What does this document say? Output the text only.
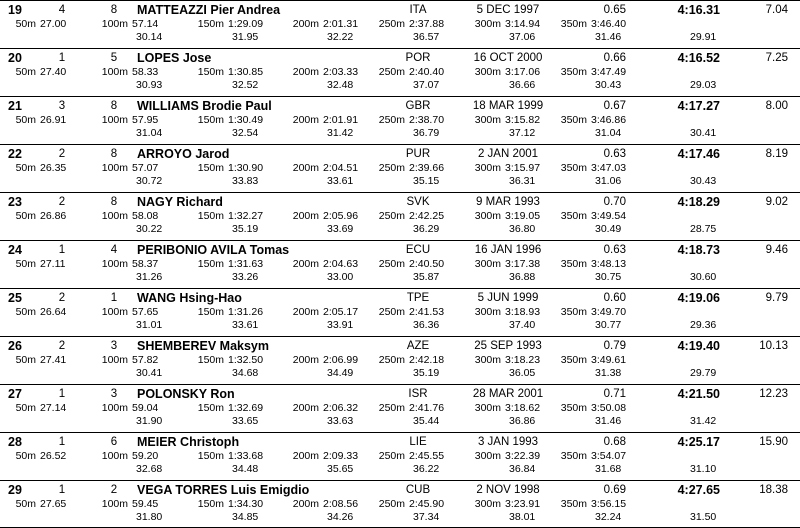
19	4	8 MATTEAZZI Pier Andrea	ITA	5 DEC 1997	0.65	4:16.31	7.04
50m 27.00	100m 57.14	150m 1:29.09	200m 2:01.31	250m 2:37.88	300m 3:14.94	350m 3:46.40
30.14	31.95	32.22	36.57	37.06	31.46	29.91
20	1	5 LOPES Jose	POR	16 OCT 2000	0.66	4:16.52	7.25
50m 27.40	100m 58.33	150m 1:30.85	200m 2:03.33	250m 2:40.40	300m 3:17.06	350m 3:47.49
30.93	32.52	32.48	37.07	36.66	30.43	29.03
21	3	8 WILLIAMS Brodie Paul	GBR	18 MAR 1999	0.67	4:17.27	8.00
50m 26.91	100m 57.95	150m 1:30.49	200m 2:01.91	250m 2:38.70	300m 3:15.82	350m 3:46.86
31.04	32.54	31.42	36.79	37.12	31.04	30.41
22	2	8 ARROYO Jarod	PUR	2 JAN 2001	0.63	4:17.46	8.19
50m 26.35	100m 57.07	150m 1:30.90	200m 2:04.51	250m 2:39.66	300m 3:15.97	350m 3:47.03
30.72	33.83	33.61	35.15	36.31	31.06	30.43
23	2	8 NAGY Richard	SVK	9 MAR 1993	0.70	4:18.29	9.02
50m 26.86	100m 58.08	150m 1:32.27	200m 2:05.96	250m 2:42.25	300m 3:19.05	350m 3:49.54
30.22	35.19	33.69	36.29	36.80	30.49	28.75
24	1	4 PERIBONIO AVILA Tomas	ECU	16 JAN 1996	0.63	4:18.73	9.46
50m 27.11	100m 58.37	150m 1:31.63	200m 2:04.63	250m 2:40.50	300m 3:17.38	350m 3:48.13
31.26	33.26	33.00	35.87	36.88	30.75	30.60
25	2	1 WANG Hsing-Hao	TPE	5 JUN 1999	0.60	4:19.06	9.79
50m 26.64	100m 57.65	150m 1:31.26	200m 2:05.17	250m 2:41.53	300m 3:18.93	350m 3:49.70
31.01	33.61	33.91	36.36	37.40	30.77	29.36
26	2	3 SHEMBEREV Maksym	AZE	25 SEP 1993	0.79	4:19.40	10.13
50m 27.41	100m 57.82	150m 1:32.50	200m 2:06.99	250m 2:42.18	300m 3:18.23	350m 3:49.61
30.41	34.68	34.49	35.19	36.05	31.38	29.79
27	1	3 POLONSKY Ron	ISR	28 MAR 2001	0.71	4:21.50	12.23
50m 27.14	100m 59.04	150m 1:32.69	200m 2:06.32	250m 2:41.76	300m 3:18.62	350m 3:50.08
31.90	33.65	33.63	35.44	36.86	31.46	31.42
28	1	6 MEIER Christoph	LIE	3 JAN 1993	0.68	4:25.17	15.90
50m 26.52	100m 59.20	150m 1:33.68	200m 2:09.33	250m 2:45.55	300m 3:22.39	350m 3:54.07
32.68	34.48	35.65	36.22	36.84	31.68	31.10
29	1	2 VEGA TORRES Luis Emigdio	CUB	2 NOV 1998	0.69	4:27.65	18.38
50m 27.65	100m 59.45	150m 1:34.30	200m 2:08.56	250m 2:45.90	300m 3:23.91	350m 3:56.15
31.80	34.85	34.26	37.34	38.01	32.24	31.50
